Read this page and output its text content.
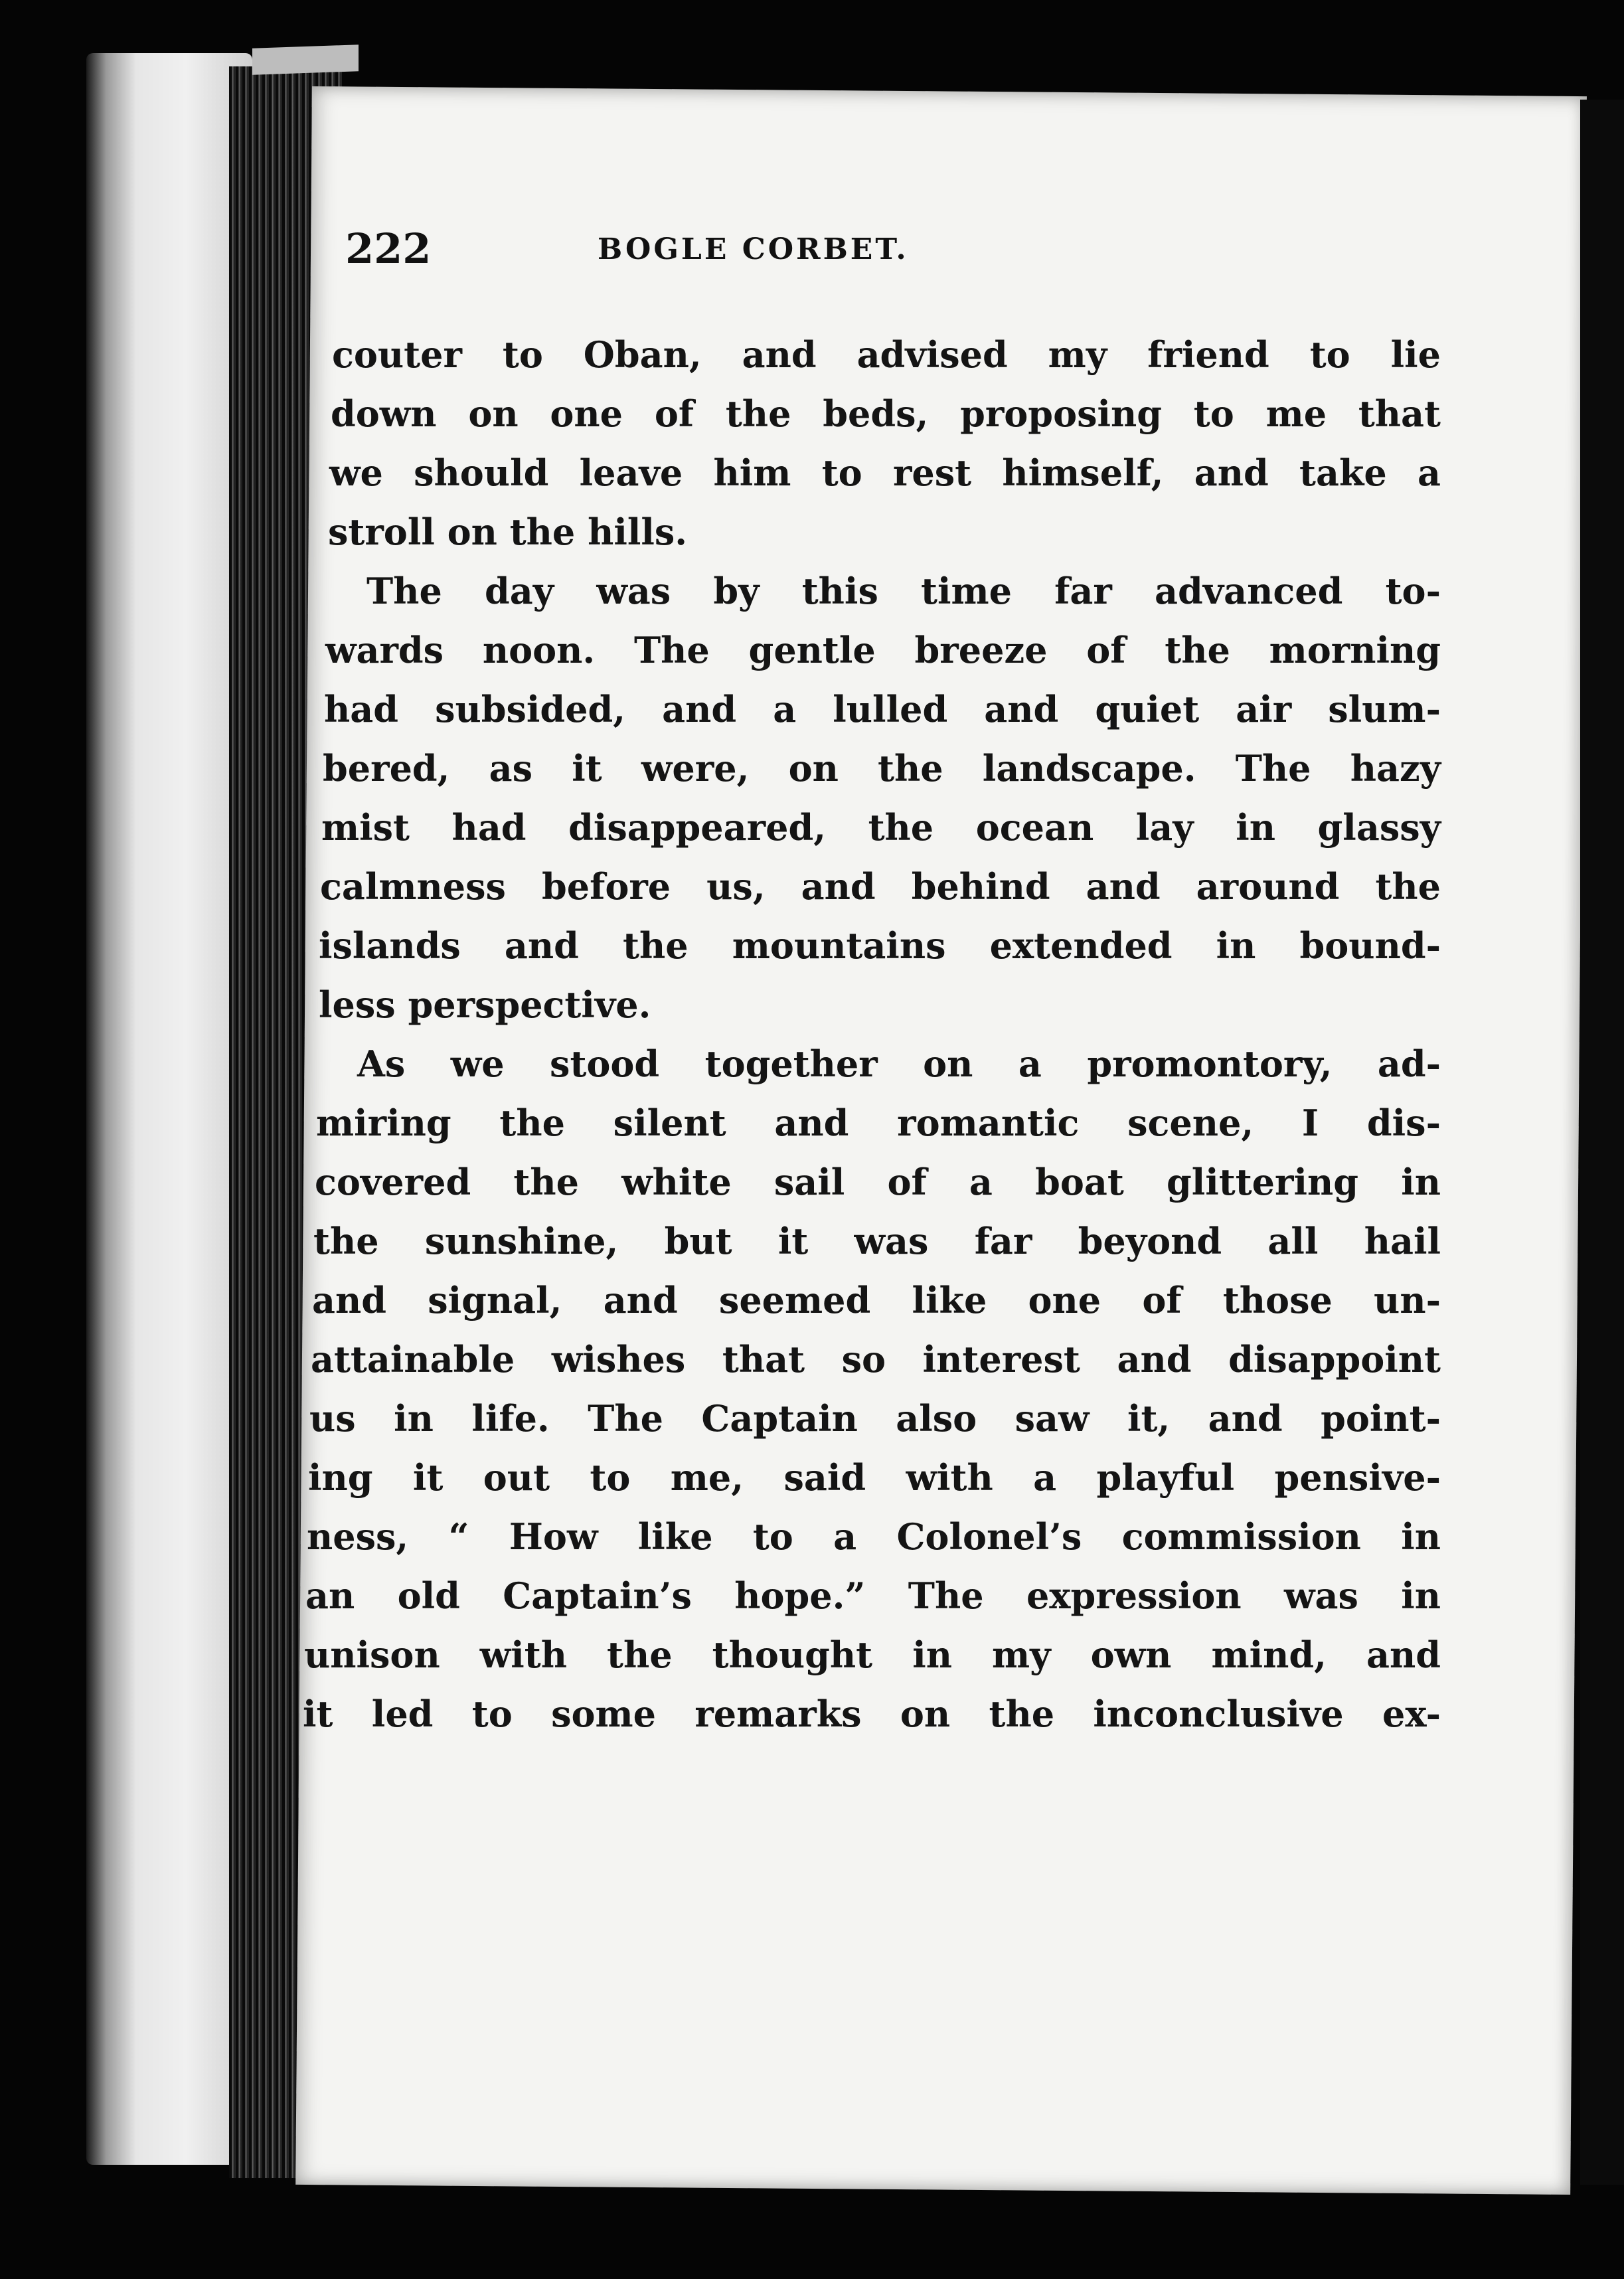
222	BOGLE CORBET.
couter to Oban, and advised my friend to lie
down on one of the beds, proposing to me that
we should leave him to rest himself, and take a
stroll on the hills.
The day was by this time far advanced to-
wards noon. The gentle breeze of the morning
had subsided, and a lulled and quiet air slum-
bered, as it were, on the landscape. The hazy
mist had disappeared, the ocean lay in glassy
calmness before us, and behind and around the
islands and the mountains extended in bound-
less perspective.
As we stood together on a promontory, ad-
miring the silent and romantic scene, I dis-
covered the white sail of a boat glittering in
the sunshine, but it was far beyond all hail
and signal, and seemed like one of those un-
attainable wishes that so interest and disappoint
us in life. The Captain also saw it, and point-
ing it out to me, said with a playful pensive-
ness, “ How like to a Colonel’s commission in
an old Captain’s hope.” The expression was in
unison with the thought in my own mind, and
it led to some remarks on the inconclusive ex-
